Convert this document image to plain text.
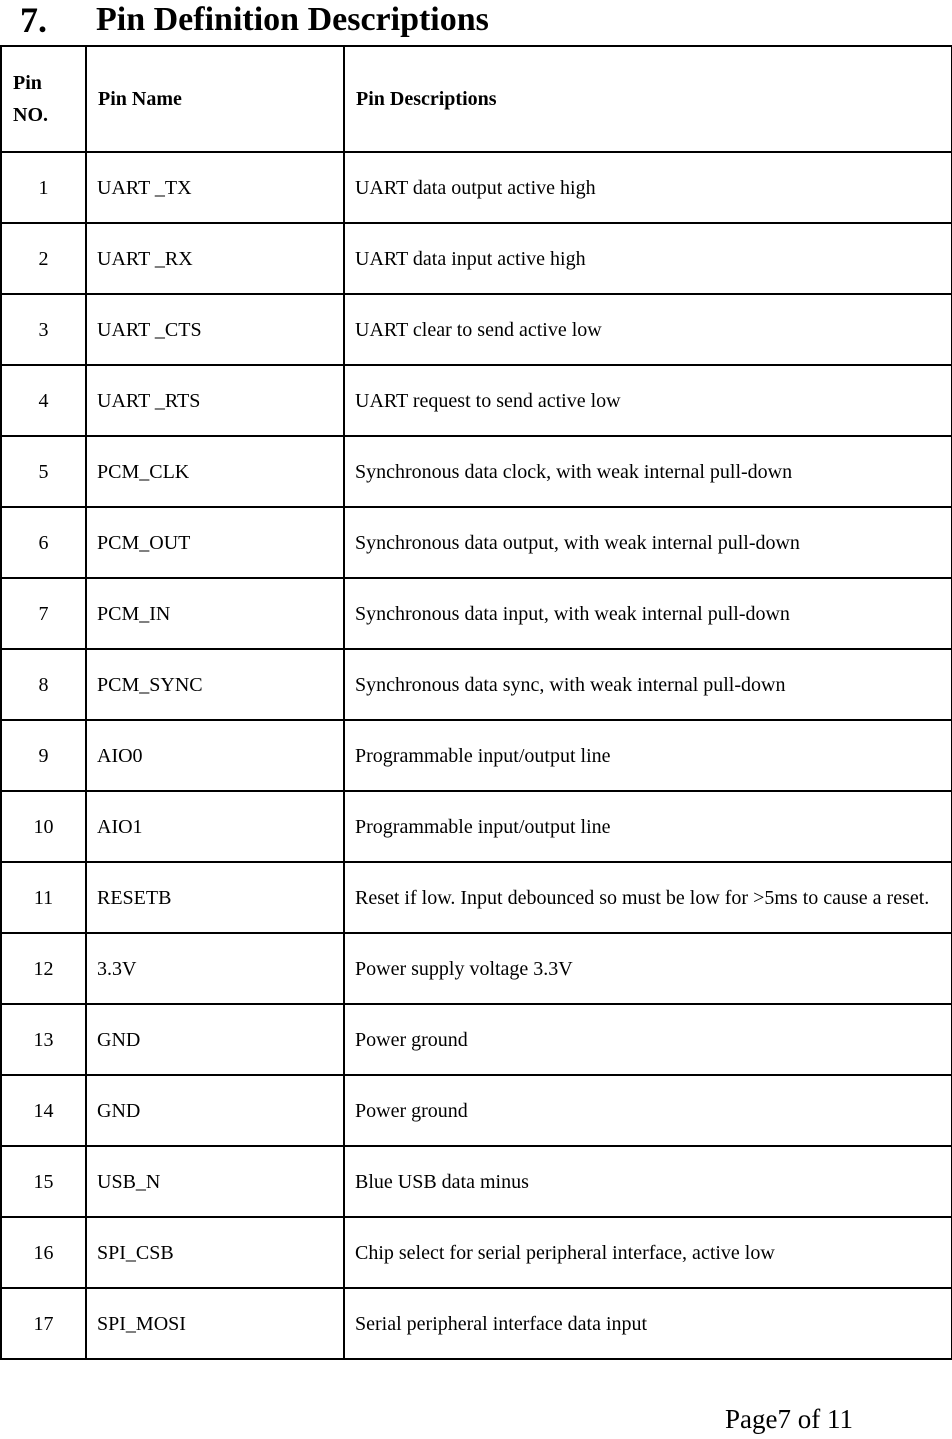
7.	Pin Definition Descriptions
Pin
NO.	Pin Name	Pin Descriptions
1	UART _TX	UART data output active high
2	UART _RX	UART data input active high
3	UART _CTS	UART clear to send active low
4	UART _RTS	UART request to send active low
5	PCM_CLK	Synchronous data clock, with weak internal pull-down
6	PCM_OUT	Synchronous data output, with weak internal pull-down
7	PCM_IN	Synchronous data input, with weak internal pull-down
8	PCM_SYNC	Synchronous data sync, with weak internal pull-down
9	AIO0	Programmable input/output line
10	AIO1	Programmable input/output line
11	RESETB	Reset if low. Input debounced so must be low for >5ms to cause a reset.
12	3.3V	Power supply voltage 3.3V
13	GND	Power ground
14	GND	Power ground
15	USB_N	Blue USB data minus
16	SPI_CSB	Chip select for serial peripheral interface, active low
17	SPI_MOSI	Serial peripheral interface data input
Page7 of 11
